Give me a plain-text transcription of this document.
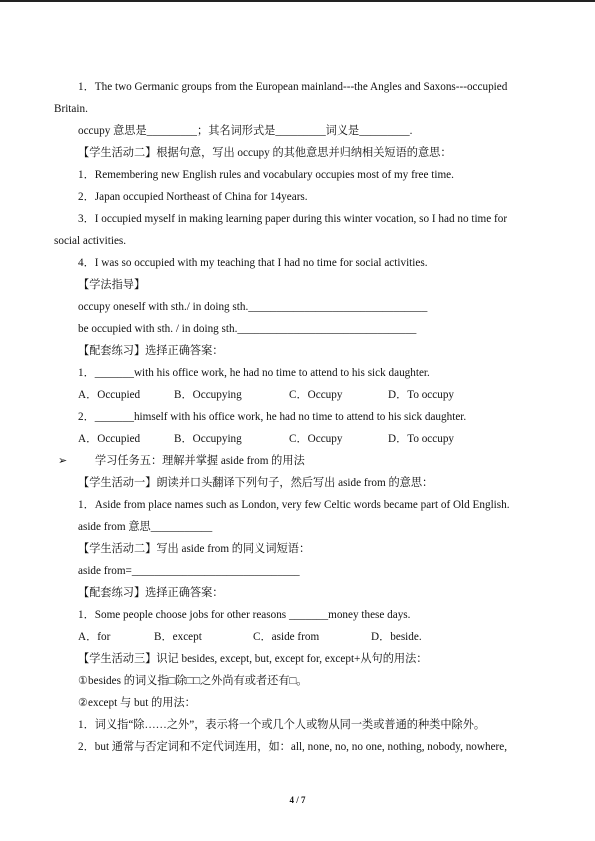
1．The two Germanic groups from the European mainland---the Angles and Saxons---occupied
Britain.
occupy 意思是_________；其名词形式是_________词义是_________.
【学生活动二】根据句意，写出 occupy 的其他意思并归纳相关短语的意思：
1．Remembering new English rules and vocabulary occupies most of my free time.
2．Japan occupied Northeast of China for 14years.
3．I occupied myself in making learning paper during this winter vocation, so I had no time for
social activities.
4．I was so occupied with my teaching that I had no time for social activities.
【学法指导】
occupy oneself with sth./ in doing sth.________________________________
be occupied with sth. / in doing sth.________________________________
【配套练习】选择正确答案：
1．_______with his office work, he had no time to attend to his sick daughter.
A．Occupied	B．Occupying	C．Occupy	D．To occupy
2．_______himself with his office work, he had no time to attend to his sick daughter.
A．Occupied	B．Occupying	C．Occupy	D．To occupy
➢ 学习任务五：理解并掌握 aside from 的用法
【学生活动一】朗读并口头翻译下列句子，然后写出 aside from 的意思：
1．Aside from place names such as London, very few Celtic words became part of Old English.
aside from 意思___________
【学生活动二】写出 aside from 的同义词短语：
aside from=______________________________
【配套练习】选择正确答案：
1．Some people choose jobs for other reasons _______money these days.
A．for	B．except	C．aside from	D．beside.
【学生活动三】识记 besides, except, but, except for, except+从句的用法：
①besides 的词义指□除□□之外尚有或者还有□。
②except 与 but 的用法：
1．词义指“除……之外”，表示将一个或几个人或物从同一类或普通的种类中除外。
2．but 通常与否定词和不定代词连用，如：all, none, no, no one, nothing, nobody, nowhere,
4 / 7
